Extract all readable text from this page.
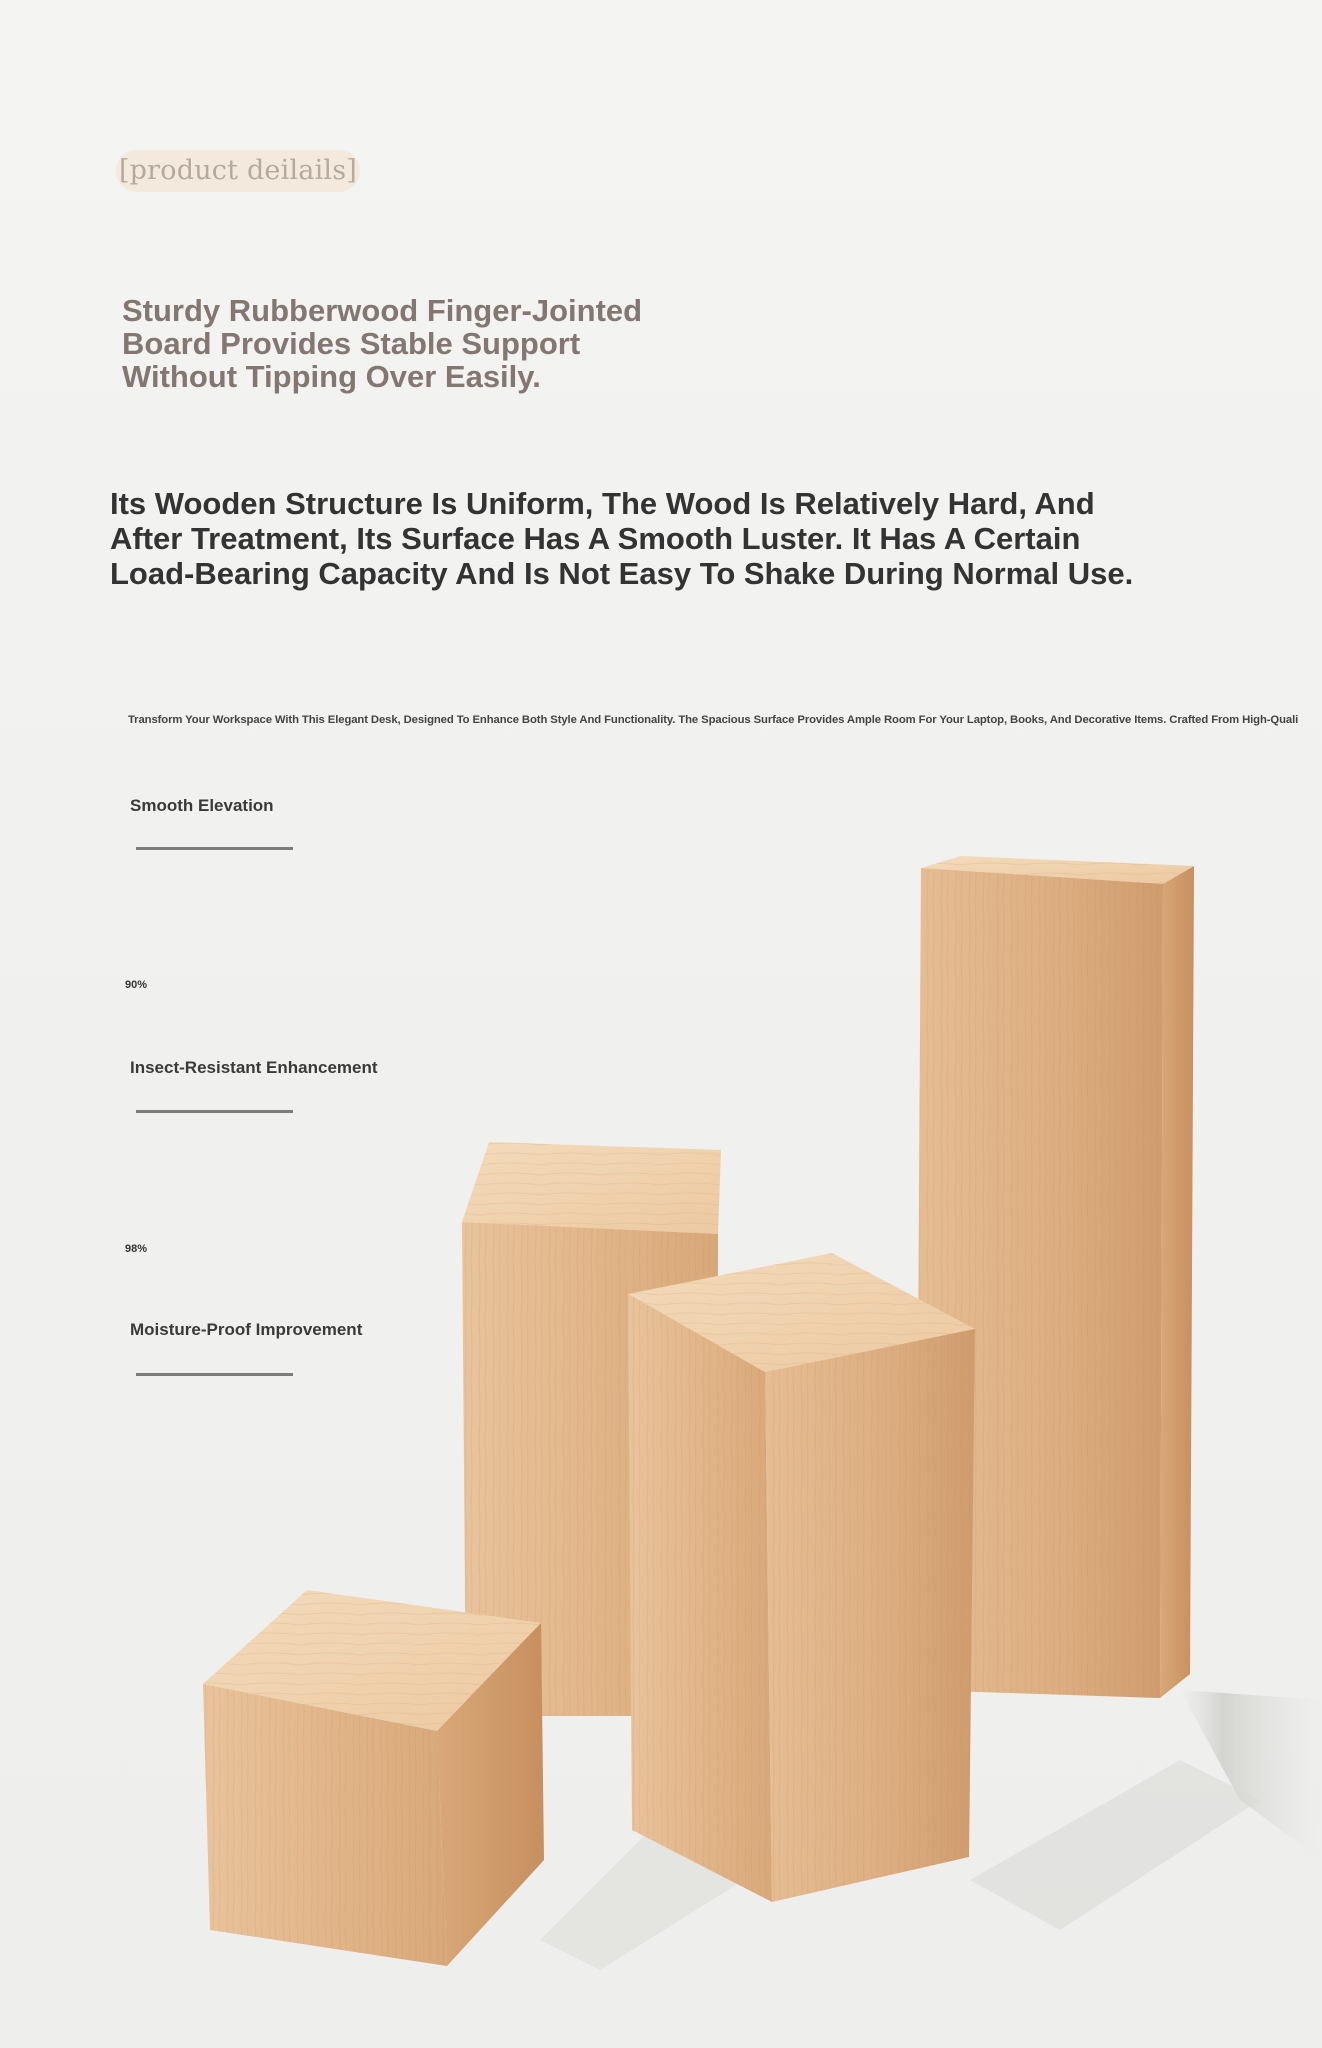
[product deilails]
Sturdy Rubberwood Finger-Jointed
Board Provides Stable Support
Without Tipping Over Easily.
Its Wooden Structure Is Uniform, The Wood Is Relatively Hard, And
After Treatment, Its Surface Has A Smooth Luster. It Has A Certain
Load-Bearing Capacity And Is Not Easy To Shake During Normal Use.
Transform Your Workspace With This Elegant Desk, Designed To Enhance Both Style And Functionality. The Spacious Surface Provides Ample Room For Your Laptop, Books, And Decorative Items. Crafted From High-Quali
Smooth Elevation
90%
Insect-Resistant Enhancement
98%
Moisture-Proof Improvement
